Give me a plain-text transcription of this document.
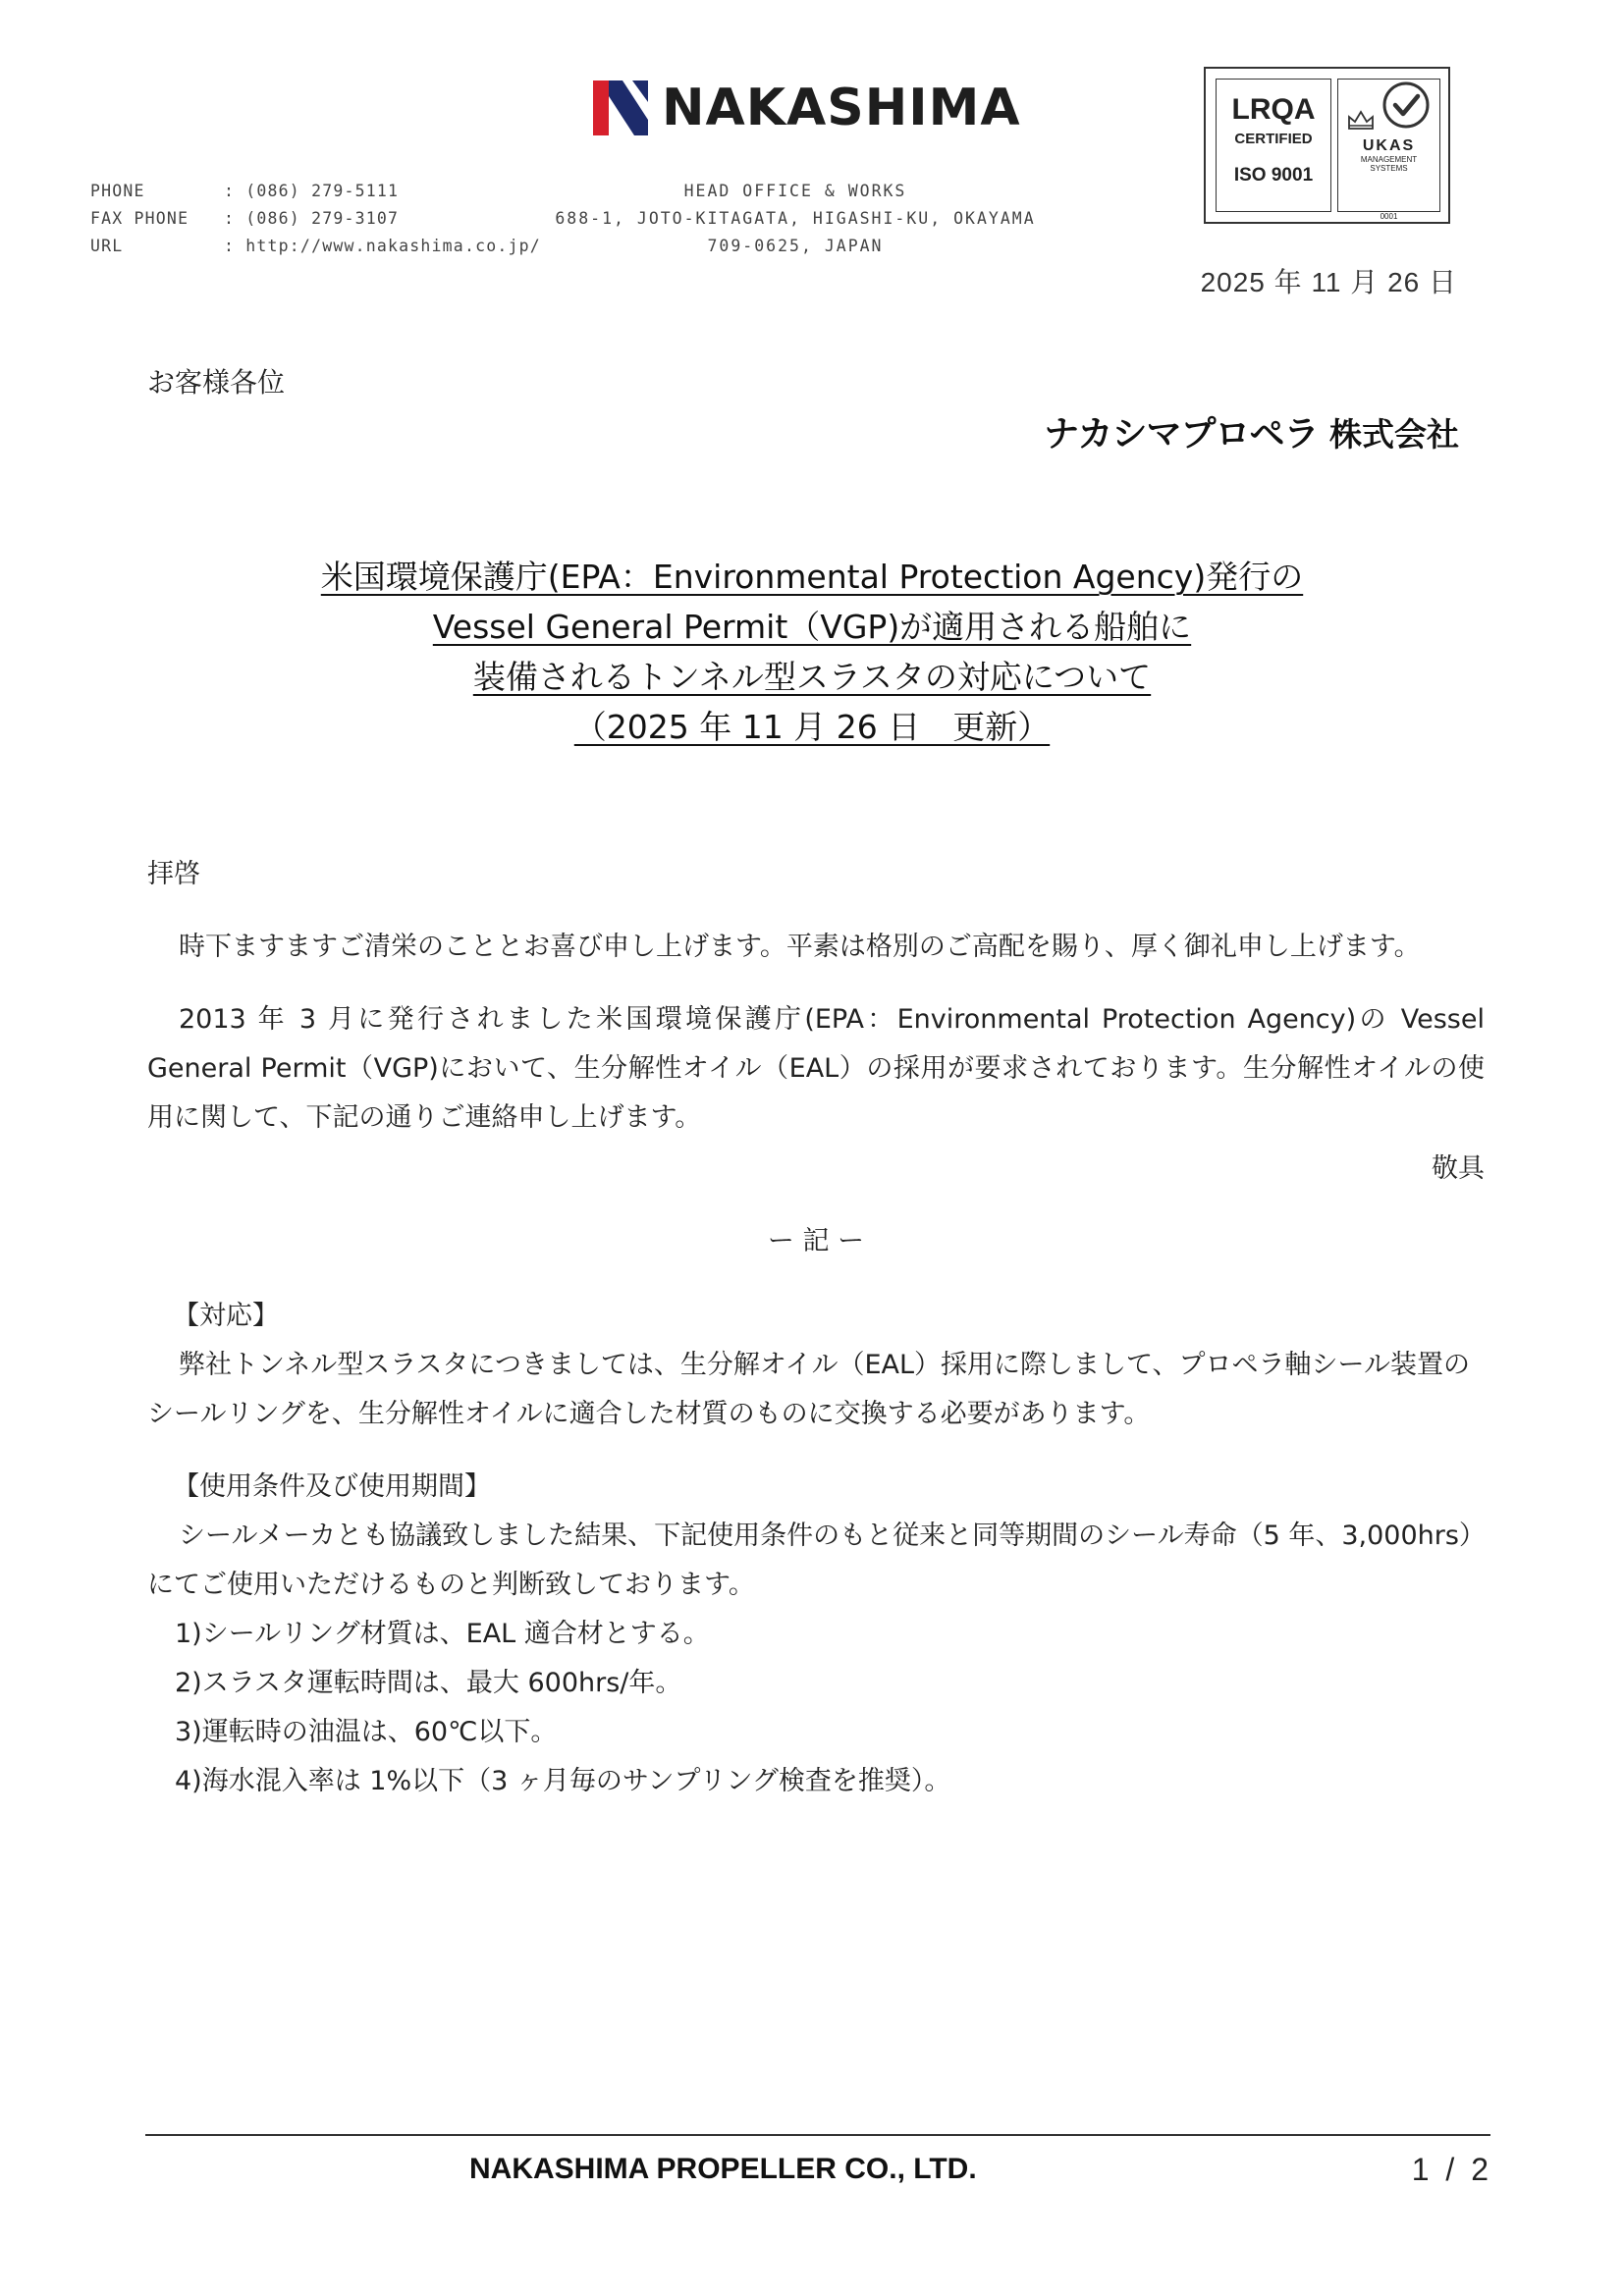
NAKASHIMA
PHONE	: (086) 279-5111
FAX PHONE	: (086) 279-3107
URL	: http://www.nakashima.co.jp/
HEAD OFFICE & WORKS
688-1, JOTO-KITAGATA, HIGASHI-KU, OKAYAMA
709-0625, JAPAN
LRQA
CERTIFIED
ISO 9001

UKAS
MANAGEMENT
SYSTEMS
0001
2025 年 11 月 26 日
お客様各位
ナカシマプロペラ 株式会社
米国環境保護庁(EPA：Environmental Protection Agency)発行の
Vessel General Permit（VGP)が適用される船舶に
装備されるトンネル型スラスタの対応について
（2025 年 11 月 26 日　更新）
拝啓
時下ますますご清栄のこととお喜び申し上げます。平素は格別のご高配を賜り、厚く御礼申し上げます。
2013 年 3 月に発行されました米国環境保護庁(EPA：Environmental Protection Agency)の Vessel General Permit（VGP)において、生分解性オイル（EAL）の採用が要求されております。生分解性オイルの使用に関して、下記の通りご連絡申し上げます。
敬具
ー 記 ー
【対応】
弊社トンネル型スラスタにつきましては、生分解オイル（EAL）採用に際しまして、プロペラ軸シール装置のシールリングを、生分解性オイルに適合した材質のものに交換する必要があります。
【使用条件及び使用期間】
シールメーカとも協議致しました結果、下記使用条件のもと従来と同等期間のシール寿命（5 年、3,000hrs）にてご使用いただけるものと判断致しております。
1)シールリング材質は、EAL 適合材とする。
2)スラスタ運転時間は、最大 600hrs/年。
3)運転時の油温は、60℃以下。
4)海水混入率は 1%以下（3 ヶ月毎のサンプリング検査を推奨）。
NAKASHIMA PROPELLER CO., LTD.	1 / 2
